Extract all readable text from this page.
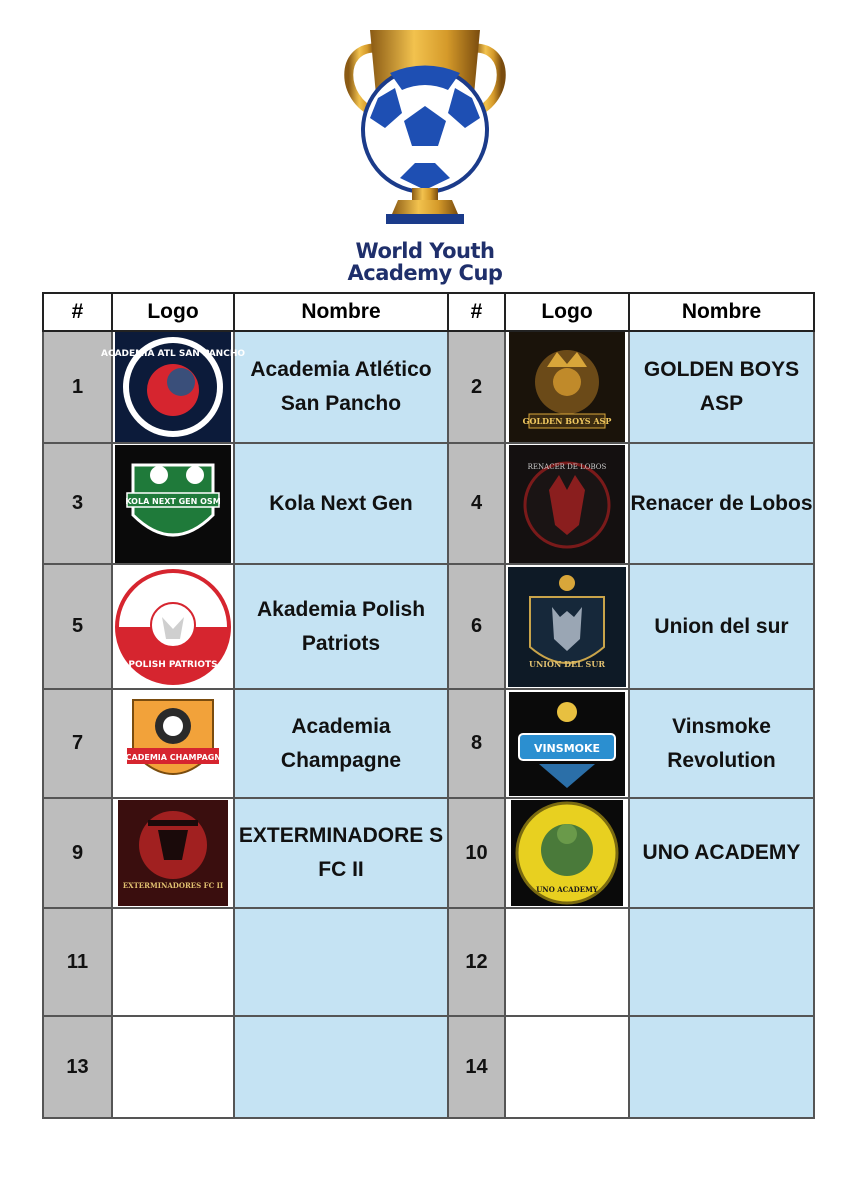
World Youth
Academy Cup
#	Logo	Nombre	#	Logo	Nombre
1	ACADEMIA ATL SAN PANCHO	Academia Atlético San Pancho	2	GOLDEN BOYS ASP	GOLDEN BOYS ASP
3	KOLA NEXT GEN OSM	Kola Next Gen	4	RENACER DE LOBOS	Renacer de Lobos
5	POLISH PATRIOTS	Akademia Polish Patriots	6	UNION DEL SUR	Union del sur
7	ACADEMIA CHAMPAGNE	Academia Champagne	8	VINSMOKE	Vinsmoke Revolution
9	EXTERMINADORES FC II	EXTERMINADORE S FC II	10	UNO ACADEMY	UNO ACADEMY
11			12		
13			14		
